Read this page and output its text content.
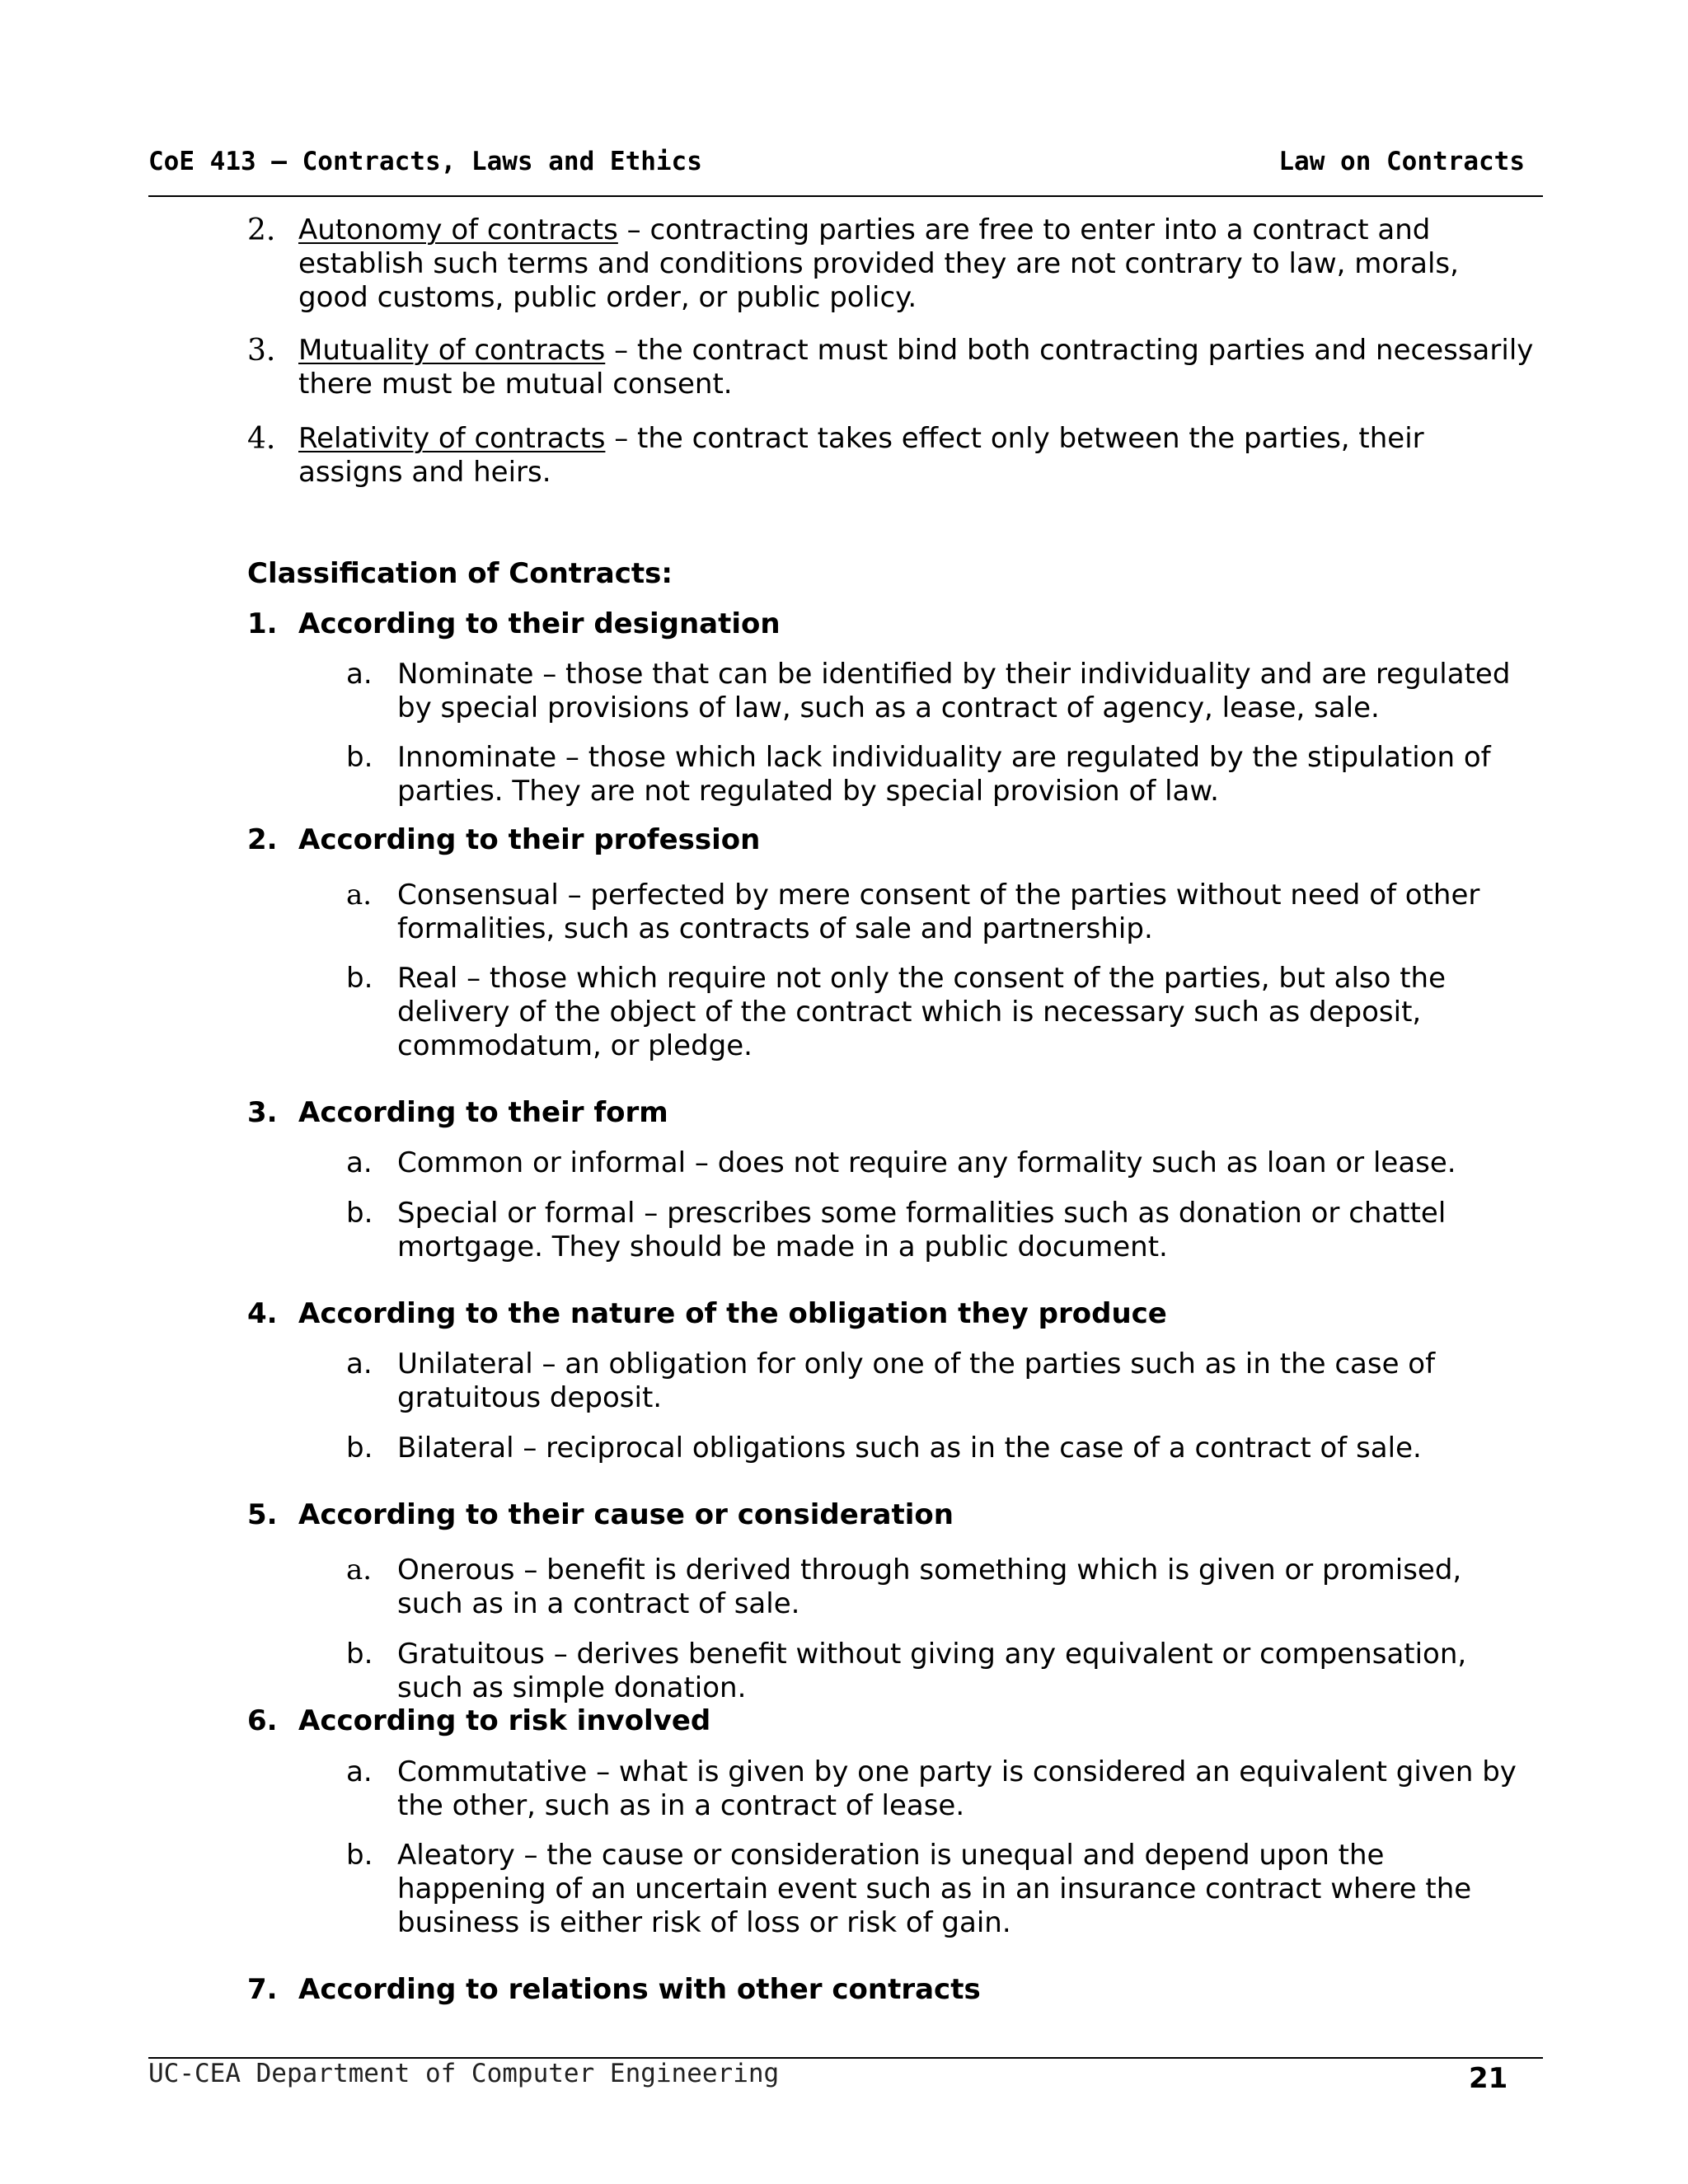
CoE 413 – Contracts, Laws and Ethics	Law on Contracts
2. Autonomy of contracts – contracting parties are free to enter into a contract and establish such terms and conditions provided they are not contrary to law, morals, good customs, public order, or public policy.
3. Mutuality of contracts – the contract must bind both contracting parties and necessarily there must be mutual consent.
4. Relativity of contracts – the contract takes effect only between the parties, their assigns and heirs.
Classification of Contracts:
1. According to their designation
a. Nominate – those that can be identified by their individuality and are regulated by special provisions of law, such as a contract of agency, lease, sale.
b. Innominate – those which lack individuality are regulated by the stipulation of parties. They are not regulated by special provision of law.
2. According to their profession
a. Consensual – perfected by mere consent of the parties without need of other formalities, such as contracts of sale and partnership.
b. Real – those which require not only the consent of the parties, but also the delivery of the object of the contract which is necessary such as deposit, commodatum, or pledge.
3. According to their form
a. Common or informal – does not require any formality such as loan or lease.
b. Special or formal – prescribes some formalities such as donation or chattel mortgage. They should be made in a public document.
4. According to the nature of the obligation they produce
a. Unilateral – an obligation for only one of the parties such as in the case of gratuitous deposit.
b. Bilateral – reciprocal obligations such as in the case of a contract of sale.
5. According to their cause or consideration
a. Onerous – benefit is derived through something which is given or promised, such as in a contract of sale.
b. Gratuitous – derives benefit without giving any equivalent or compensation, such as simple donation.
6. According to risk involved
a. Commutative – what is given by one party is considered an equivalent given by the other, such as in a contract of lease.
b. Aleatory – the cause or consideration is unequal and depend upon the happening of an uncertain event such as in an insurance contract where the business is either risk of loss or risk of gain.
7. According to relations with other contracts
UC-CEA Department of Computer Engineering	21
